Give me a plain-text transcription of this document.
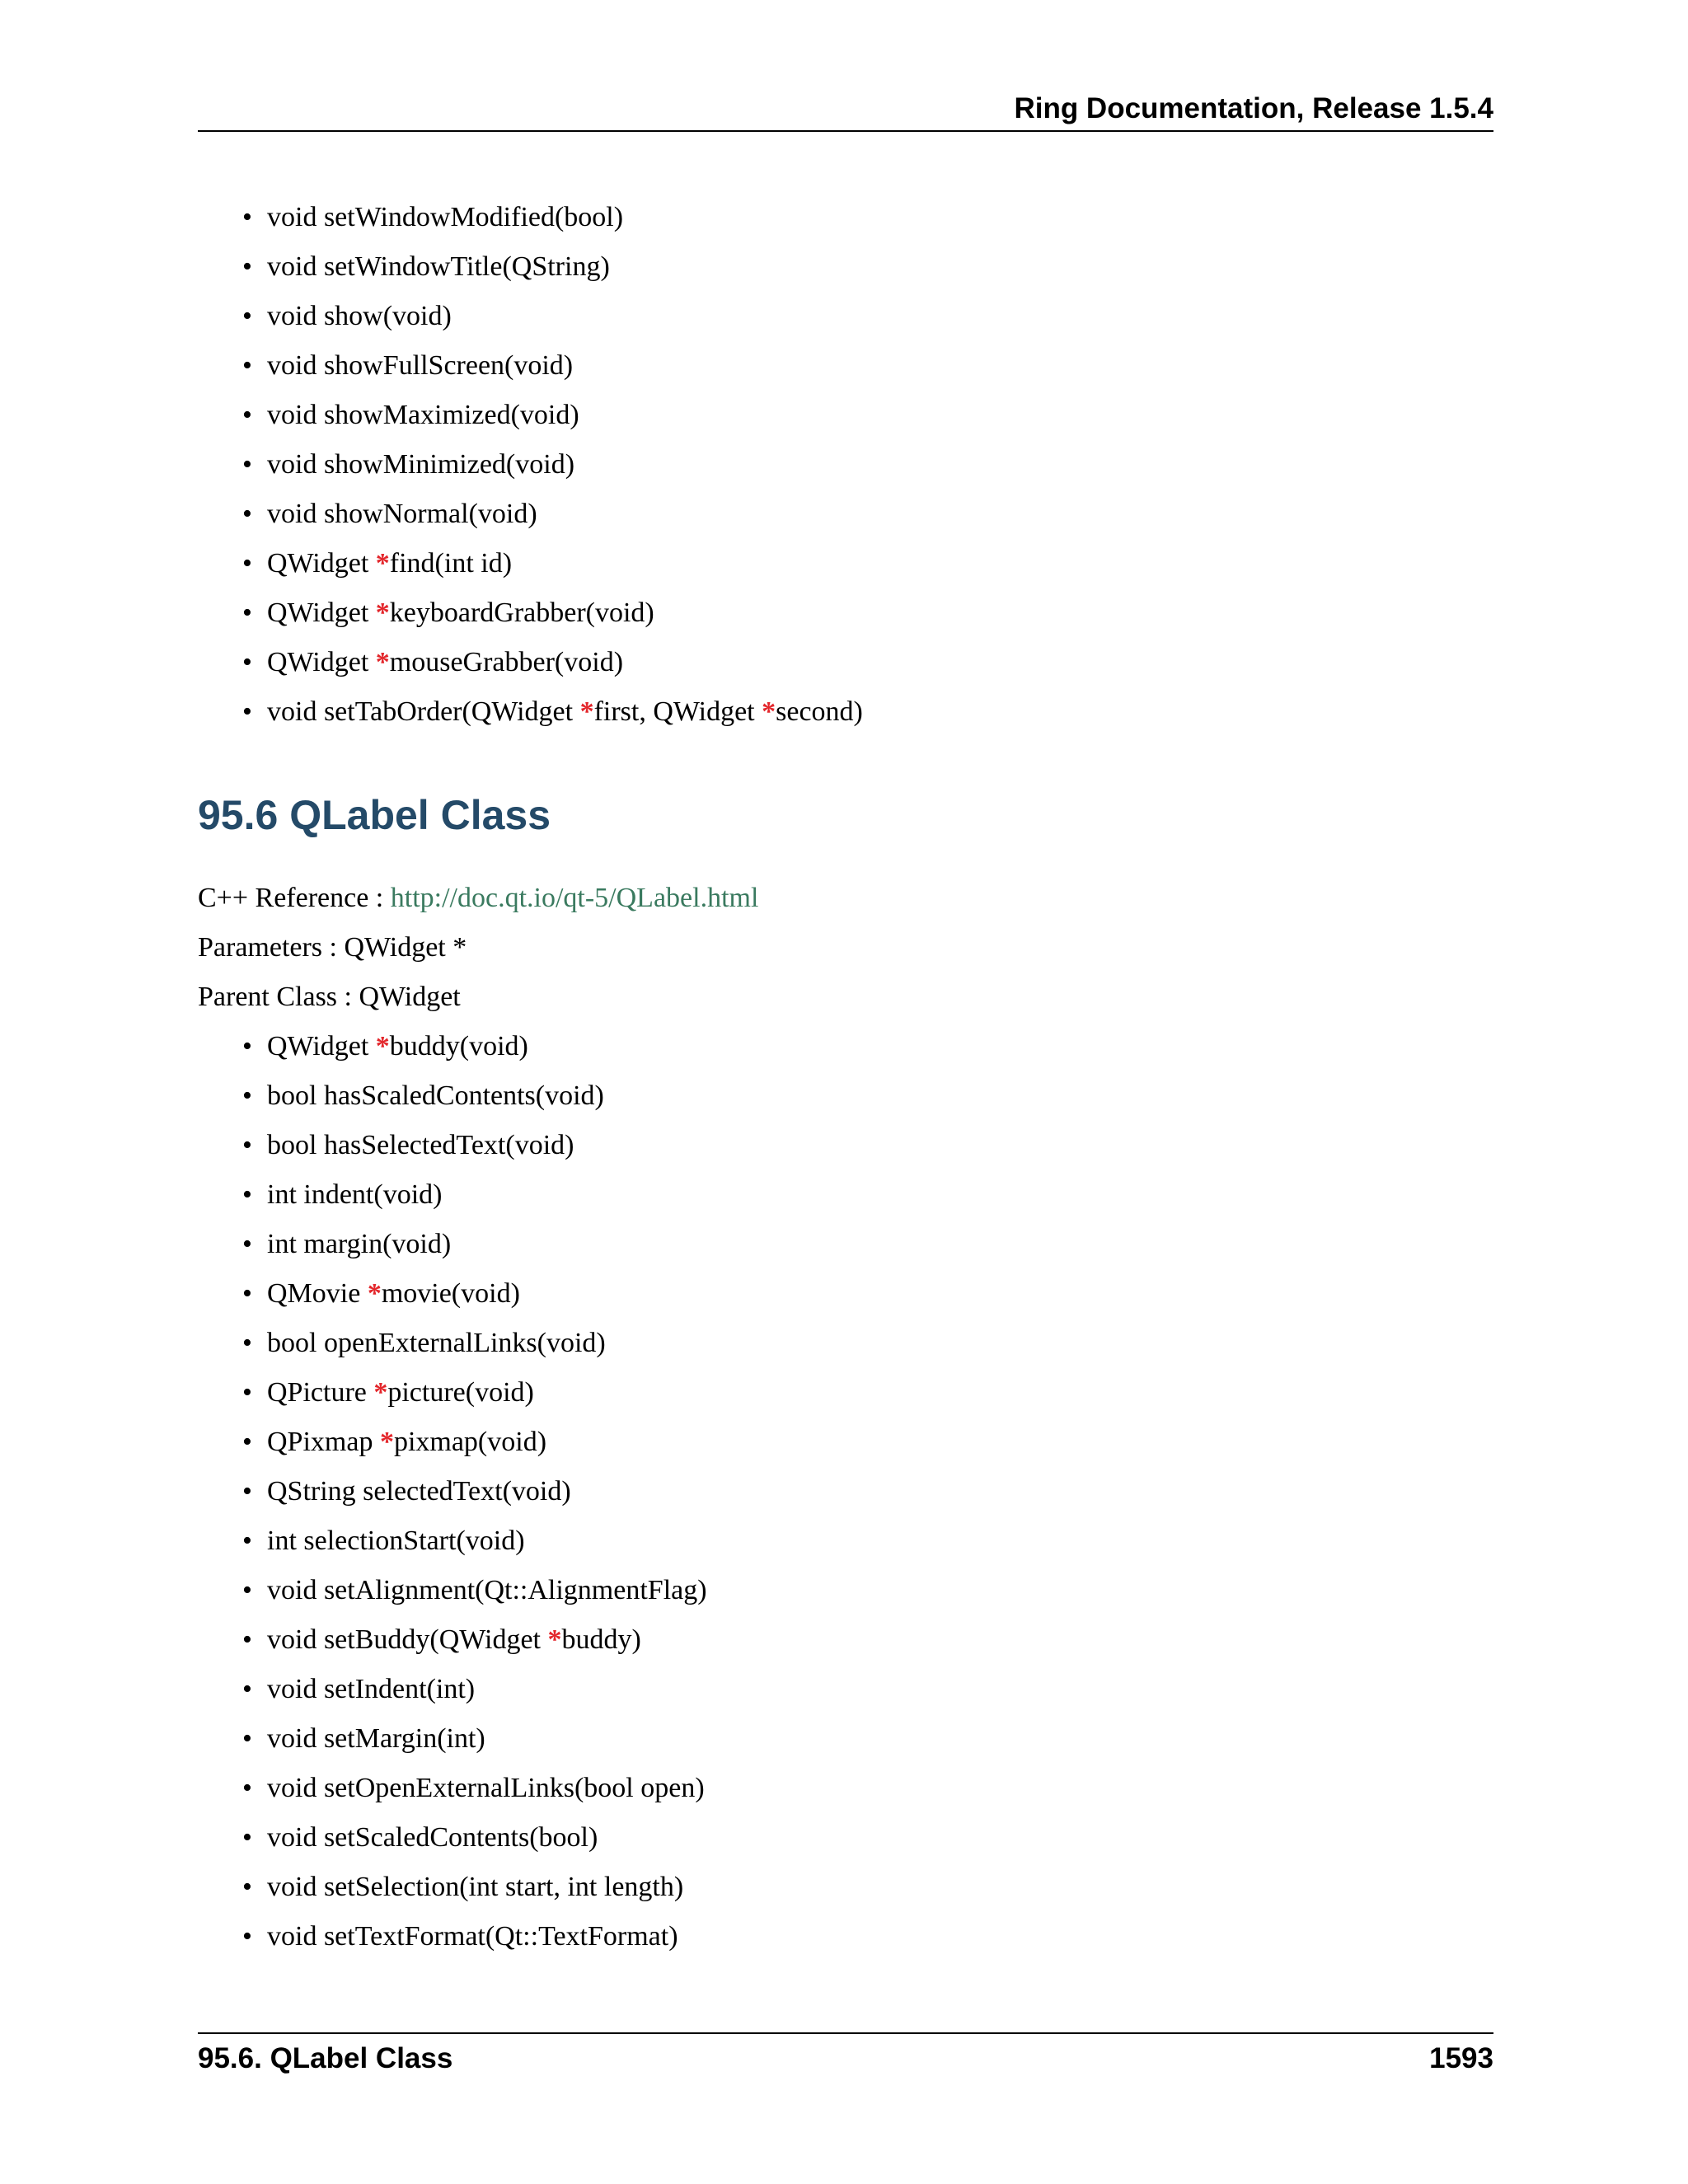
Ring Documentation, Release 1.5.4
• void setWindowModified(bool)
• void setWindowTitle(QString)
• void show(void)
• void showFullScreen(void)
• void showMaximized(void)
• void showMinimized(void)
• void showNormal(void)
• QWidget *find(int id)
• QWidget *keyboardGrabber(void)
• QWidget *mouseGrabber(void)
• void setTabOrder(QWidget *first, QWidget *second)
95.6 QLabel Class
C++ Reference : http://doc.qt.io/qt-5/QLabel.html
Parameters : QWidget *
Parent Class : QWidget
• QWidget *buddy(void)
• bool hasScaledContents(void)
• bool hasSelectedText(void)
• int indent(void)
• int margin(void)
• QMovie *movie(void)
• bool openExternalLinks(void)
• QPicture *picture(void)
• QPixmap *pixmap(void)
• QString selectedText(void)
• int selectionStart(void)
• void setAlignment(Qt::AlignmentFlag)
• void setBuddy(QWidget *buddy)
• void setIndent(int)
• void setMargin(int)
• void setOpenExternalLinks(bool open)
• void setScaledContents(bool)
• void setSelection(int start, int length)
• void setTextFormat(Qt::TextFormat)
95.6. QLabel Class	1593
